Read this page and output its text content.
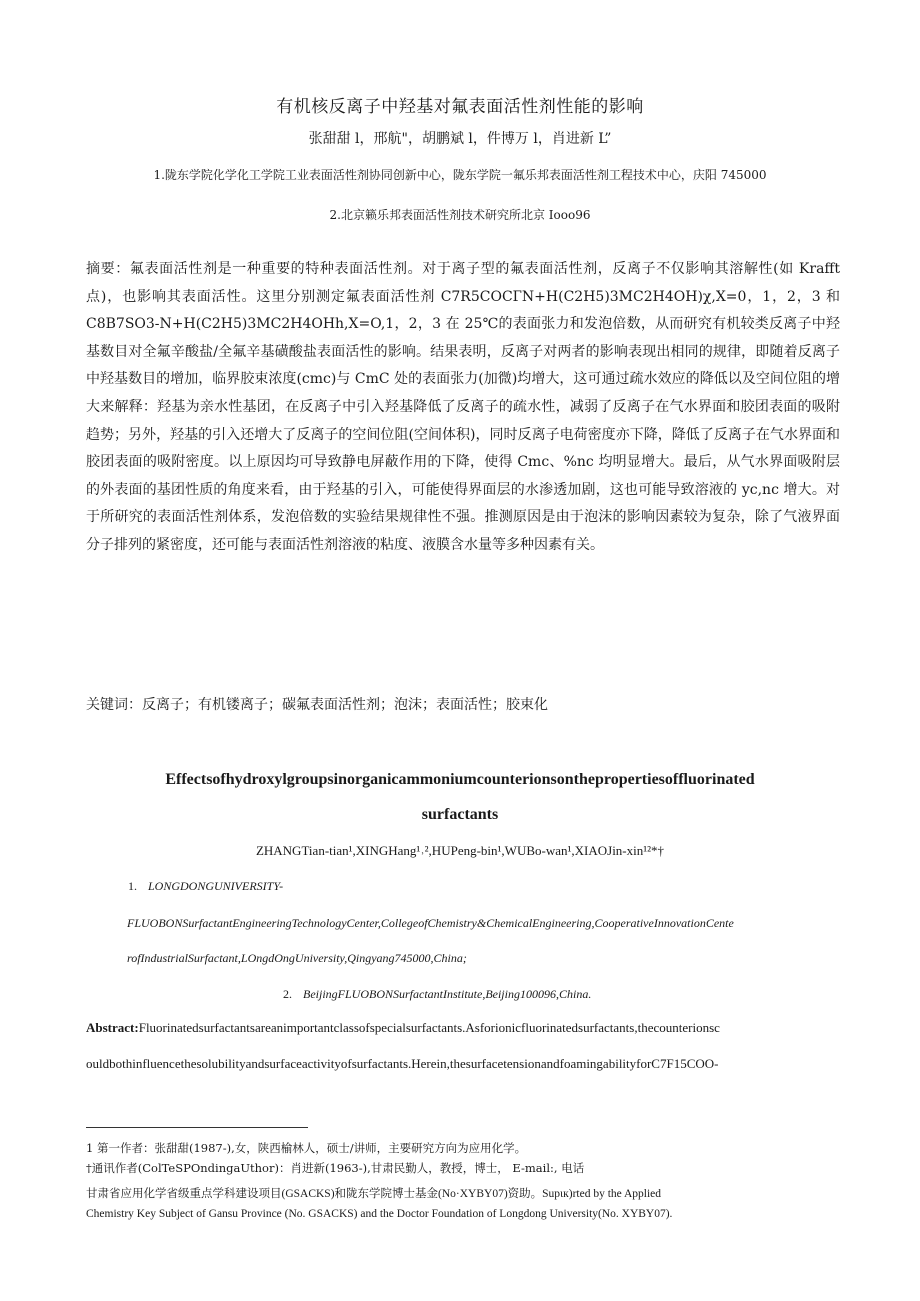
有机核反离子中羟基对氟表面活性剂性能的影响
张甜甜 l，邢航"，胡鹏斌 l，件博万 l，肖进新 L”
1.陇东学院化学化工学院工业表面活性剂协同创新中心，陇东学院一氟乐邦表面活性剂工程技术中心，庆阳 745000
2.北京籁乐邦表面活性剂技术研究所北京 Iooo96
摘要：氟表面活性剂是一种重要的特种表面活性剂。对于离子型的氟表面活性剂，反离子不仅影响其溶解性(如 Krafft 点)，也影响其表面活性。这里分别测定氟表面活性剂 C7R5COCГN+H(C2H5)3MC2H4OH)χ,X=0，1，2，3 和 C8B7SO3-N+H(C2H5)3MC2H4OHh,X=O,1，2，3 在 25℃的表面张力和发泡倍数，从而研究有机较类反离子中羟基数目对全氟辛酸盐/全氟辛基磺酸盐表面活性的影响。结果表明，反离子对两者的影响表现出相同的规律，即随着反离子中羟基数目的增加，临界胶束浓度(cmc)与 CmC 处的表面张力(加微)均增大，这可通过疏水效应的降低以及空间位阻的增大来解释：羟基为亲水性基团，在反离子中引入羟基降低了反离子的疏水性，减弱了反离子在气水界面和胶团表面的吸附趋势；另外，羟基的引入还增大了反离子的空间位阻(空间体积)，同时反离子电荷密度亦下降，降低了反离子在气水界面和胶团表面的吸附密度。以上原因均可导致静电屏蔽作用的下降，使得 Cmc、%nc 均明显增大。最后，从气水界面吸附层的外表面的基团性质的角度来看，由于羟基的引入，可能使得界面层的水渗透加剧，这也可能导致溶液的 yc,nc 增大。对于所研究的表面活性剂体系，发泡倍数的实验结果规律性不强。推测原因是由于泡沫的影响因素较为复杂，除了气液界面分子排列的紧密度，还可能与表面活性剂溶液的粘度、液膜含水量等多种因素有关。
关键词：反离子；有机镂离子；碳氟表面活性剂；泡沫；表面活性；胶束化
Effectsofhydroxylgroupsinorganicammoniumcounterionsonthepropertiesoffluorinated
surfactants
ZHANGTian-tian¹,XINGHang¹˒²,HUPeng-bin¹,WUBo-wan¹,XIAOJin-xin¹²*†
1. LONGDONGUNIVERSITY-
FLUOBONSurfactantEngineeringTechnologyCenter,CollegeofChemistry&ChemicalEngineering,CooperativeInnovationCente
rofIndustrialSurfactant,LOngdOngUniversity,Qingyang745000,China;
2. BeijingFLUOBONSurfactantInstitute,Beijing100096,China.
Abstract:Fluorinatedsurfactantsareanimportantclassofspecialsurfactants.Asforionicfluorinatedsurfactants,thecounterionsc
ouldbothinfluencethesolubilityandsurfaceactivityofsurfactants.Herein,thesurfacetensionandfoamingabilityforC7F15COO-
1 第一作者：张甜甜(1987-),女，陕西榆林人，硕士/讲师，主要研究方向为应用化学。
†通讯作者(ColTeSPOndingaUthor)：肖进新(1963-),甘肃民勤人，教授，博士， E-mail:, 电话
甘肃省应用化学省级重点学科建设项目(GSACKS)和陇东学院博士基金(No·XYBY07)资助。Supιк)rted by the Applied
Chemistry Key Subject of Gansu Province (No. GSACKS) and the Doctor Foundation of Longdong University(No. XYBY07).
